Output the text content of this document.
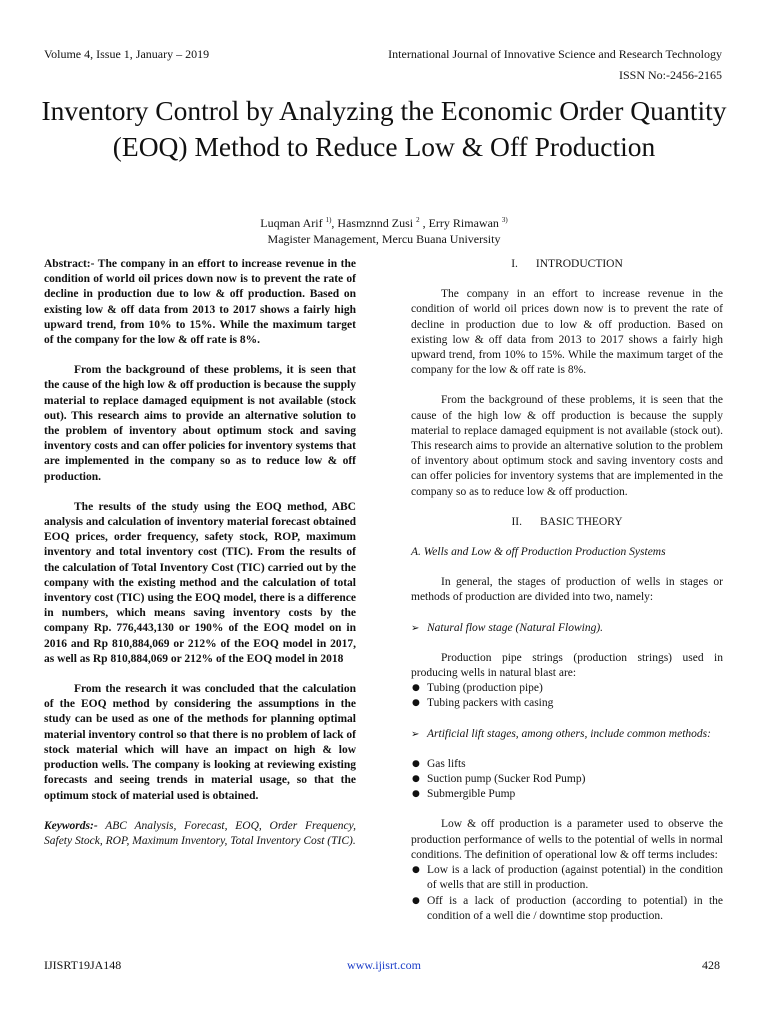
Volume 4, Issue 1, January – 2019	International Journal of Innovative Science and Research Technology
ISSN No:-2456-2165
Inventory Control by Analyzing the Economic Order Quantity (EOQ) Method to Reduce Low & Off Production
Luqman Arif $^{1)}$, Hasmznnd Zusi $^2$ , Erry Rimawan $^{3)}$
Magister Management, Mercu Buana University

Abstract:- The company in an effort to increase revenue in the condition of world oil prices down now is to prevent the rate of decline in production due to low & off production. Based on existing low & off data from 2013 to 2017 shows a fairly high upward trend, from 10% to 15%. While the maximum target of the company for the low & off rate is 8%.

From the background of these problems, it is seen that the cause of the high low & off production is because the supply material to replace damaged equipment is not available (stock out). This research aims to provide an alternative solution to the problem of inventory about optimum stock and saving inventory costs and can offer policies for inventory systems that are implemented in the company so as to reduce low & off production.

The results of the study using the EOQ method, ABC analysis and calculation of inventory material forecast obtained EOQ prices, order frequency, safety stock, ROP, maximum inventory and total inventory cost (TIC). From the results of the calculation of Total Inventory Cost (TIC) carried out by the company with the existing method and the calculation of total inventory cost (TIC) using the EOQ model, there is a difference in numbers, which means saving inventory costs by the company Rp. 776,443,130 or 190% of the EOQ model on in 2016 and Rp 810,884,069 or 212% of the EOQ model in 2017, as well as Rp 810,884,069 or 212% of the EOQ model in 2018

From the research it was concluded that the calculation of the EOQ method by considering the assumptions in the study can be used as one of the methods for planning optimal material inventory control so that there is no problem of lack of stock material which will have an impact on high & low production wells. The company is looking at reviewing existing forecasts and seeing trends in material usage, so that the optimum stock of material used is obtained.

Keywords:- ABC Analysis, Forecast, EOQ, Order Frequency, Safety Stock, ROP, Maximum Inventory, Total Inventory Cost (TIC).

I. INTRODUCTION

The company in an effort to increase revenue in the condition of world oil prices down now is to prevent the rate of decline in production due to low & off production. Based on existing low & off data from 2013 to 2017 shows a fairly high upward trend, from 10% to 15%. While the maximum target of the company for the low & off rate is 8%.

From the background of these problems, it is seen that the cause of the high low & off production is because the supply material to replace damaged equipment is not available (stock out). This research aims to provide an alternative solution to the problem of inventory about optimum stock and saving inventory costs and can offer policies for inventory systems that are implemented in the company so as to reduce low & off production.

II. BASIC THEORY

A. Wells and Low & off Production Production Systems

In general, the stages of production of wells in stages or methods of production are divided into two, namely:

➢ Natural flow stage (Natural Flowing).

Production pipe strings (production strings) used in producing wells in natural blast are:

● Tubing (production pipe)
● Tubing packers with casing

➢ Artificial lift stages, among others, include common methods:

● Gas lifts
● Suction pump (Sucker Rod Pump)
● Submergible Pump

Low & off production is a parameter used to observe the production performance of wells to the potential of wells in normal conditions. The definition of operational low & off terms includes:

● Low is a lack of production (against potential) in the condition of wells that are still in production.
● Off is a lack of production (according to potential) in the condition of a well die / downtime stop production.
IJISRT19JA148	www.ijisrt.com	428
